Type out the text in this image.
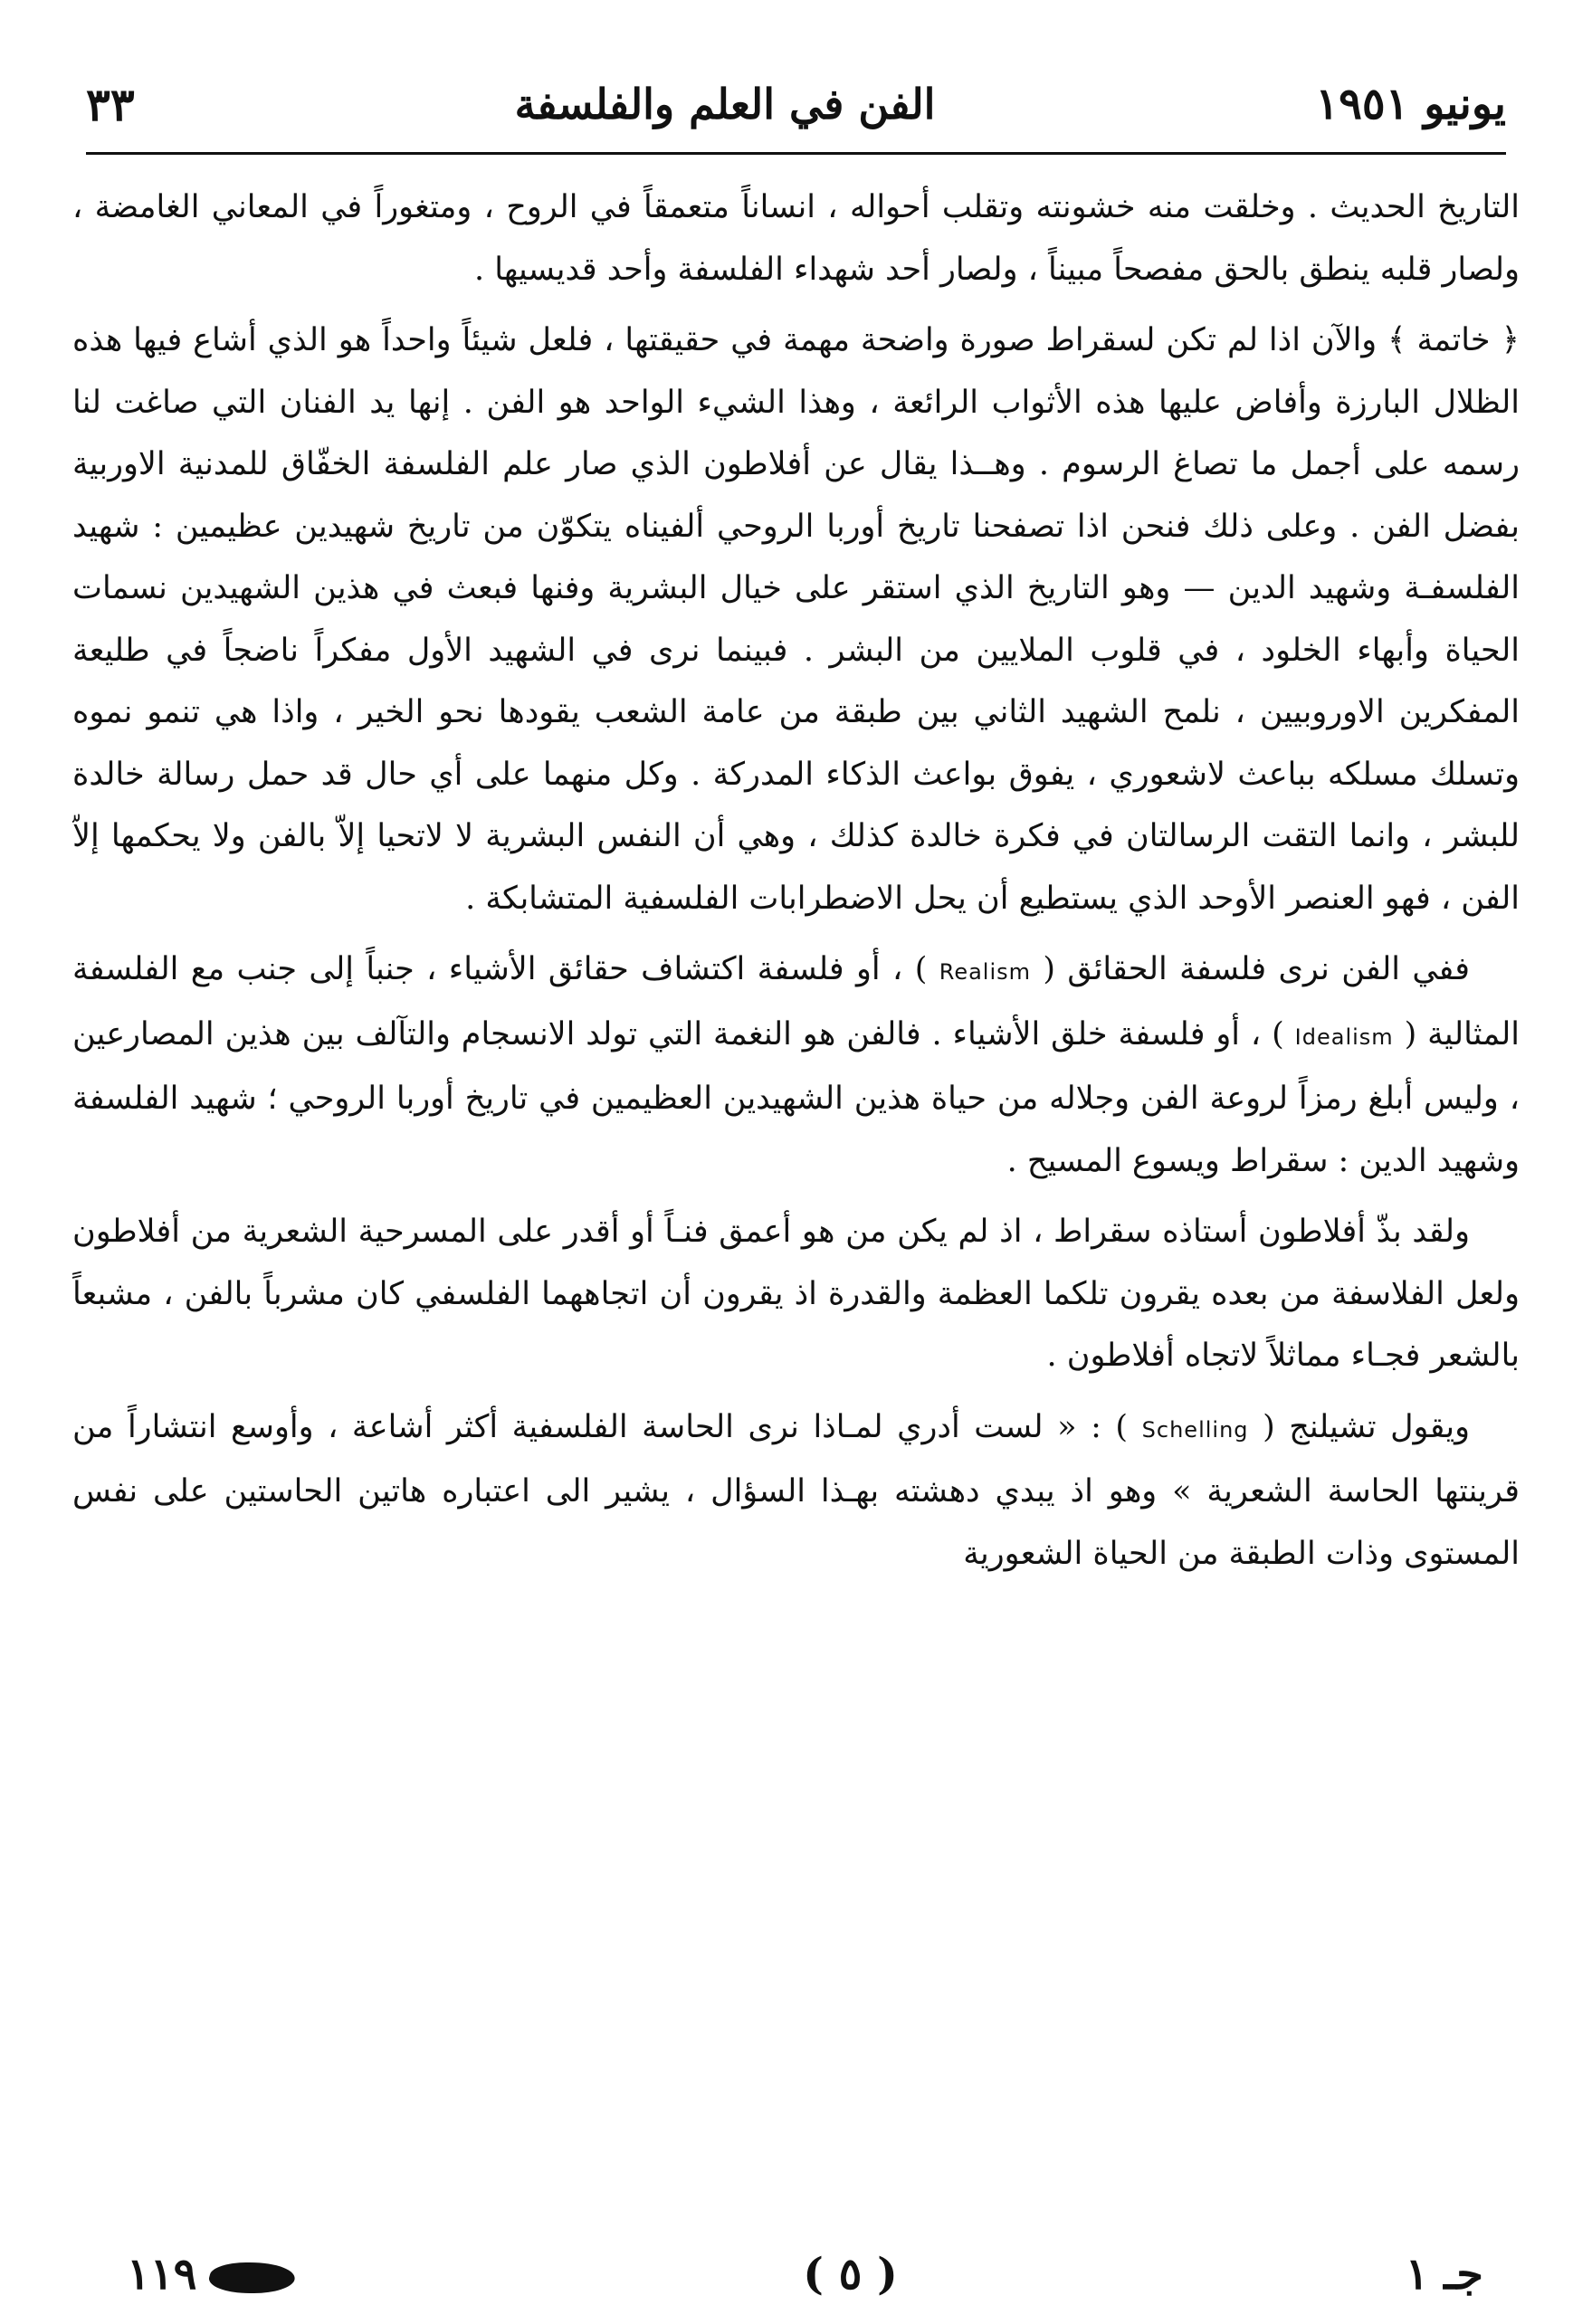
٣٣	الفن في العلم والفلسفة	يونيو ١٩٥١

التاريخ الحديث . وخلقت منه خشونته وتقلب أحواله ، انساناً متعمقاً في الروح ، ومتغوراً في المعاني الغامضة ، ولصار قلبه ينطق بالحق مفصحاً مبيناً ، ولصار أحد شهداء الفلسفة وأحد قديسيها .

﴿ خاتمة ﴾ والآن اذا لم تكن لسقراط صورة واضحة مهمة في حقيقتها ، فلعل شيئاً واحداً هو الذي أشاع فيها هذه الظلال البارزة وأفاض عليها هذه الأثواب الرائعة ، وهذا الشيء الواحد هو الفن . إنها يد الفنان التي صاغت لنا رسمه على أجمل ما تصاغ الرسوم . وهــذا يقال عن أفلاطون الذي صار علم الفلسفة الخفّاق للمدنية الاوربية بفضل الفن . وعلى ذلك فنحن اذا تصفحنا تاريخ أوربا الروحي ألفيناه يتكوّن من تاريخ شهيدين عظيمين : شهيد الفلسفـة وشهيد الدين — وهو التاريخ الذي استقر على خيال البشرية وفنها فبعث في هذين الشهيدين نسمات الحياة وأبهاء الخلود ، في قلوب الملايين من البشر . فبينما نرى في الشهيد الأول مفكراً ناضجاً في طليعة المفكرين الاوروبيين ، نلمح الشهيد الثاني بين طبقة من عامة الشعب يقودها نحو الخير ، واذا هي تنمو نموه وتسلك مسلكه بباعث لاشعوري ، يفوق بواعث الذكاء المدركة . وكل منهما على أي حال قد حمل رسالة خالدة للبشر ، وانما التقت الرسالتان في فكرة خالدة كذلك ، وهي أن النفس البشرية لا لاتحيا إلاّ بالفن ولا يحكمها إلاّ الفن ، فهو العنصر الأوحد الذي يستطيع أن يحل الاضطرابات الفلسفية المتشابكة .

ففي الفن نرى فلسفة الحقائق ( Realism ) ، أو فلسفة اكتشاف حقائق الأشياء ، جنباً إلى جنب مع الفلسفة المثالية ( Idealism ) ، أو فلسفة خلق الأشياء . فالفن هو النغمة التي تولد الانسجام والتآلف بين هذين المصارعين ، وليس أبلغ رمزاً لروعة الفن وجلاله من حياة هذين الشهيدين العظيمين في تاريخ أوربا الروحي ؛ شهيد الفلسفة وشهيد الدين : سقراط ويسوع المسيح .

ولقد بذّ أفلاطون أستاذه سقراط ، اذ لم يكن من هو أعمق فنـاً أو أقدر على المسرحية الشعرية من أفلاطون ولعل الفلاسفة من بعده يقرون تلكما العظمة والقدرة اذ يقرون أن اتجاههما الفلسفي كان مشرباً بالفن ، مشبعاً بالشعر فجـاء مماثلاً لاتجاه أفلاطون .

ويقول تشيلنج ( Schelling ) : « لست أدري لمـاذا نرى الحاسة الفلسفية أكثر أشاعة ، وأوسع انتشاراً من قرينتها الحاسة الشعرية » وهو اذ يبدي دهشته بهـذا السؤال ، يشير الى اعتباره هاتين الحاستين على نفس المستوى وذات الطبقة من الحياة الشعورية

١١٩	( ٥ )	جـ ١
